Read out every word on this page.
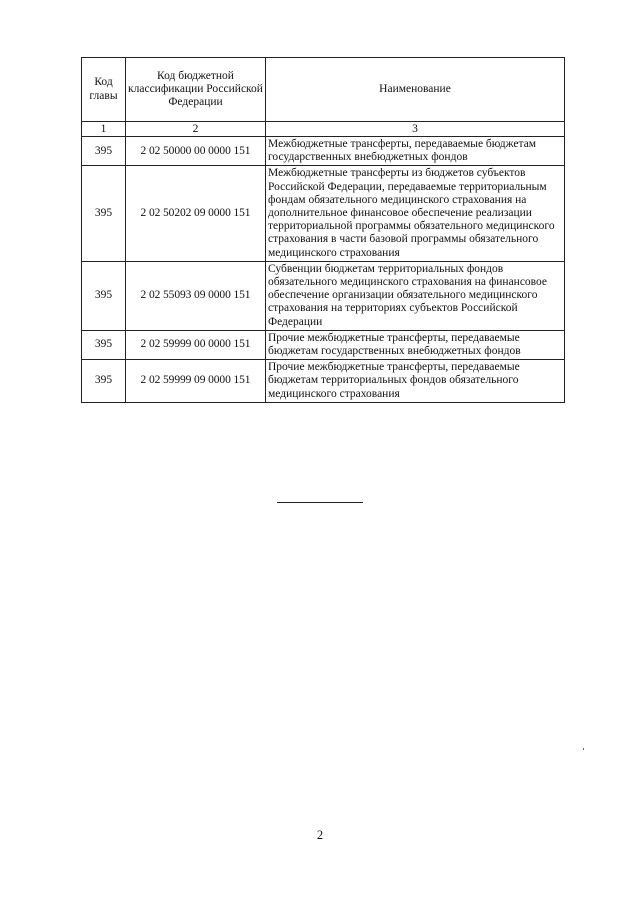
Код главы	Код бюджетной классификации Российской Федерации	Наименование
1	2	3
395	2 02 50000 00 0000 151	Межбюджетные трансферты, передаваемые бюджетам государственных внебюджетных фондов
395	2 02 50202 09 0000 151	Межбюджетные трансферты из бюджетов субъектов Российской Федерации, передаваемые территориальным фондам обязательного медицинского страхования на дополнительное финансовое обеспечение реализации территориальной программы обязательного медицинского страхования в части базовой программы обязательного медицинского страхования
395	2 02 55093 09 0000 151	Субвенции бюджетам территориальных фондов обязательного медицинского страхования на финансовое обеспечение организации обязательного медицинского страхования на территориях субъектов Российской Федерации
395	2 02 59999 00 0000 151	Прочие межбюджетные трансферты, передаваемые бюджетам государственных внебюджетных фондов
395	2 02 59999 09 0000 151	Прочие межбюджетные трансферты, передаваемые бюджетам территориальных фондов обязательного медицинского страхования
2
